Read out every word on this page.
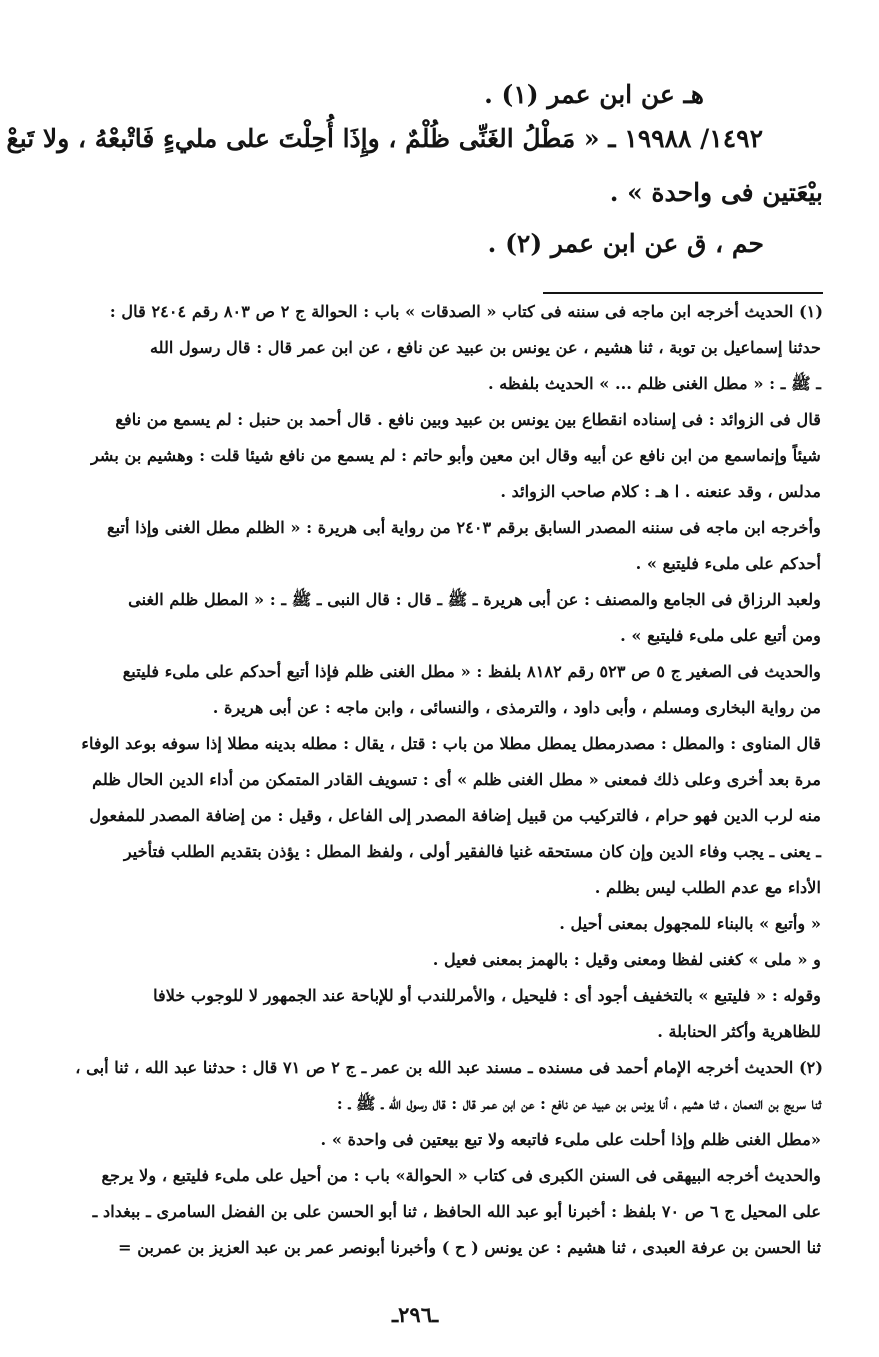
هـ عن ابن عمر (١) .
١٤٩٢/ ١٩٩٨٨ ـ « مَطْلُ الغَنِّى ظُلْمٌ ، وإِذَا أُحِلْتَ على مليءٍ فَاتْبعْهُ ، ولا تَبعْ
بيْعَتين فى واحدة » .
حم ، ق عن ابن عمر (٢) .
(١) الحديث أخرجه ابن ماجه فى سننه فى كتاب « الصدقات » باب : الحوالة ج ٢ ص ٨٠٣ رقم ٢٤٠٤ قال :
حدثنا إسماعيل بن توبة ، ثنا هشيم ، عن يونس بن عبيد عن نافع ، عن ابن عمر قال : قال رسول الله
ـ ﷺ ـ : « مطل الغنى ظلم ... » الحديث بلفظه .
قال فى الزوائد : فى إسناده انقطاع بين يونس بن عبيد وبين نافع . قال أحمد بن حنبل : لم يسمع من نافع
شيئاً وإنماسمع من ابن نافع عن أبيه وقال ابن معين وأبو حاتم : لم يسمع من نافع شيئا قلت : وهشيم بن بشر
مدلس ، وقد عنعنه . ا هـ : كلام صاحب الزوائد .
وأخرجه ابن ماجه فى سننه المصدر السابق برقم ٢٤٠٣ من رواية أبى هريرة : « الظلم مطل الغنى وإذا أتبع
أحدكم على ملىء فليتبع » .
ولعبد الرزاق فى الجامع والمصنف : عن أبى هريرة ـ ﷺ ـ قال : قال النبى ـ ﷺ ـ : « المطل ظلم الغنى
ومن أتبع على ملىء فليتبع » .
والحديث فى الصغير ج ٥ ص ٥٢٣ رقم ٨١٨٢ بلفظ : « مطل الغنى ظلم فإذا أتبع أحدكم على ملىء فليتبع
من رواية البخارى ومسلم ، وأبى داود ، والترمذى ، والنسائى ، وابن ماجه : عن أبى هريرة .
قال المناوى : والمطل : مصدرمطل يمطل مطلا من باب : قتل ، يقال : مطله بدينه مطلا إذا سوفه بوعد الوفاء
مرة بعد أخرى وعلى ذلك فمعنى « مطل الغنى ظلم » أى : تسويف القادر المتمكن من أداء الدين الحال ظلم
منه لرب الدين فهو حرام ، فالتركيب من قبيل إضافة المصدر إلى الفاعل ، وقيل : من إضافة المصدر للمفعول
ـ يعنى ـ يجب وفاء الدين وإن كان مستحقه غنيا فالفقير أولى ، ولفظ المطل : يؤذن بتقديم الطلب فتأخير
الأداء مع عدم الطلب ليس بظلم .
« وأتبع » بالبناء للمجهول بمعنى أحيل .
و « ملى » كغنى لفظا ومعنى وقيل : بالهمز بمعنى فعيل .
وقوله : « فليتبع » بالتخفيف أجود أى : فليحيل ، والأمرللندب أو للإباحة عند الجمهور لا للوجوب خلافا
للظاهرية وأكثر الحنابلة .
(٢) الحديث أخرجه الإمام أحمد فى مسنده ـ مسند عبد الله بن عمر ـ ج ٢ ص ٧١ قال : حدثنا عبد الله ، ثنا أبى ،
ثنا سريج بن النعمان ، ثنا هشيم ، أنا يونس بن عبيد عن نافع : عن ابن عمر قال : قال رسول الله ـ ﷺ ـ :
«مطل الغنى ظلم وإذا أحلت على ملىء فاتبعه ولا تبع بيعتين فى واحدة » .
والحديث أخرجه البيهقى فى السنن الكبرى فى كتاب « الحوالة» باب : من أحيل على ملىء فليتبع ، ولا يرجع
على المحيل ج ٦ ص ٧٠ بلفظ : أخبرنا أبو عبد الله الحافظ ، ثنا أبو الحسن على بن الفضل السامرى ـ ببغداد ـ
ثنا الحسن بن عرفة العبدى ، ثنا هشيم : عن يونس ( ح ) وأخبرنا أبونصر عمر بن عبد العزيز بن عمربن =
ـ٢٩٦ـ
